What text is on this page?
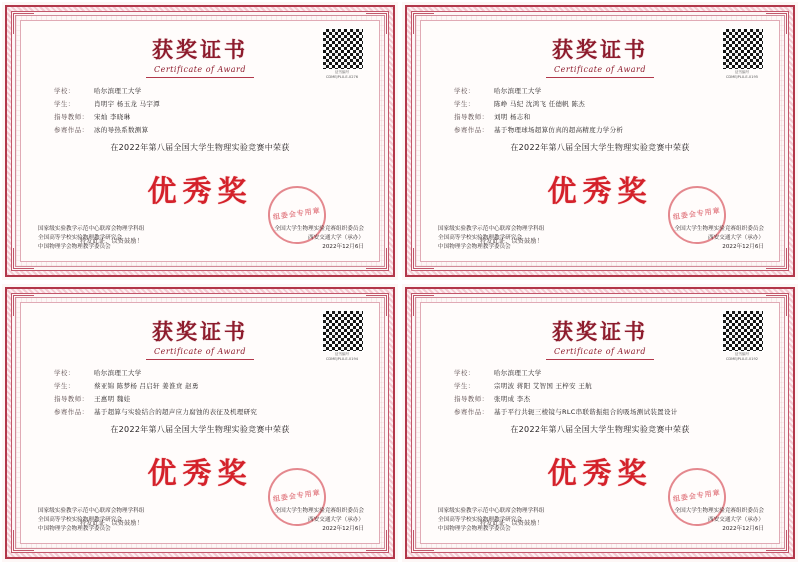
证书编号
CDMEJPLX-E-0276
获奖证书
Certificate of Award
学校：	哈尔滨理工大学
学生：	肖明宇 杨玉龙 马宇潭
指导教师： 宋灿 李晓琳
参赛作品： 冰的导热系数测算
在2022年第八届全国大学生物理实验竞赛中荣获
优秀奖
特发此证，以资鼓励！
组委会专用章
国家级实验教学示范中心联席会物理学科组
全国高等学校实验物理教学研究会
中国物理学会物理教学委员会
全国大学生物理实验竞赛组织委员会
西安交通大学（承办）
2022年12月6日
证书编号
CDMEJPLX-E-0195
获奖证书
Certificate of Award
学校：	哈尔滨理工大学
学生：	陈峥 马纪 沈鸿飞 任德帆 陈杰
指导教师： 刘明 杨志和
参赛作品： 基于物理球场超算仿真的超高精度力学分析
在2022年第八届全国大学生物理实验竞赛中荣获
优秀奖
特发此证，以资鼓励！
组委会专用章
国家级实验教学示范中心联席会物理学科组
全国高等学校实验物理教学研究会
中国物理学会物理教学委员会
全国大学生物理实验竞赛组织委员会
西安交通大学（承办）
2022年12月6日
证书编号
CDMEJPLX-E-0194
获奖证书
Certificate of Award
学校：	哈尔滨理工大学
学生：	蔡亚锦 陈梦杨 吕启轩 姜淮贲 赵勇
指导教师： 王惠明 魏娃
参赛作品： 基于超算与实验结合的超声应力腐蚀的表征及机理研究
在2022年第八届全国大学生物理实验竞赛中荣获
优秀奖
特发此证，以资鼓励！
组委会专用章
国家级实验教学示范中心联席会物理学科组
全国高等学校实验物理教学研究会
中国物理学会物理教学委员会
全国大学生物理实验竞赛组织委员会
西安交通大学（承办）
2022年12月6日
证书编号
CDMEJPLX-E-0192
获奖证书
Certificate of Award
学校：	哈尔滨理工大学
学生：	宗明波 蒋阳 艾智国 王梓安 王航
指导教师： 张明成 李杰
参赛作品： 基于平行共轭三棱镜与RLC串联谐振组合的吸场测试装置设计
在2022年第八届全国大学生物理实验竞赛中荣获
优秀奖
特发此证，以资鼓励！
组委会专用章
国家级实验教学示范中心联席会物理学科组
全国高等学校实验物理教学研究会
中国物理学会物理教学委员会
全国大学生物理实验竞赛组织委员会
西安交通大学（承办）
2022年12月6日
